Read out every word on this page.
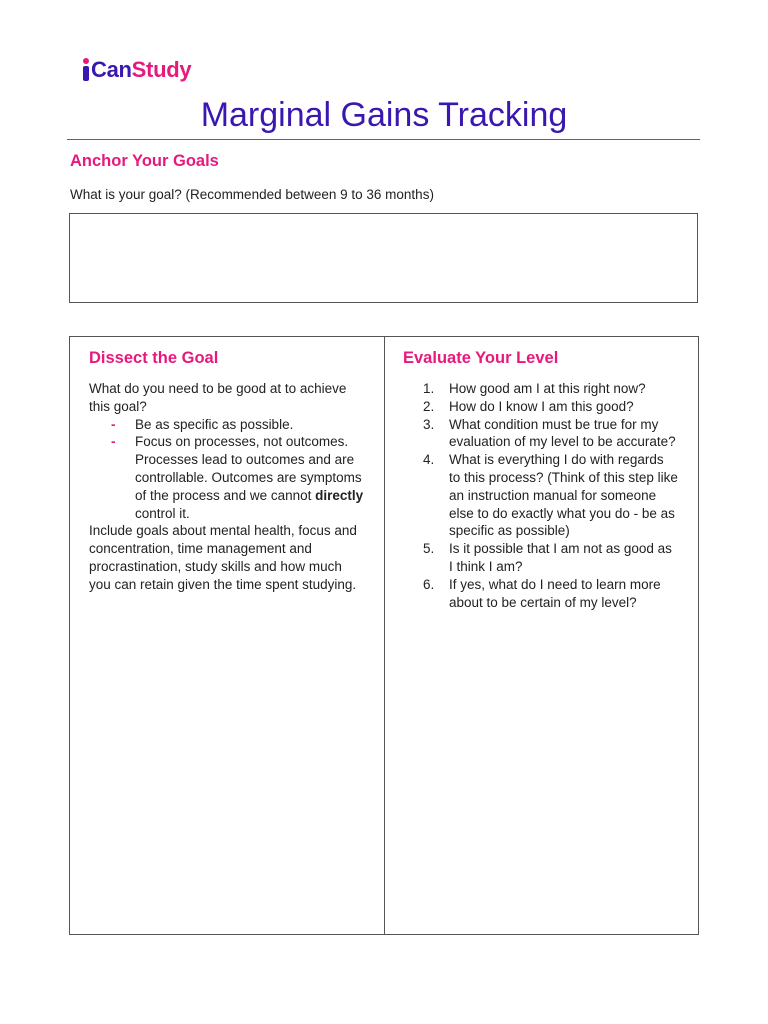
Can Study
Marginal Gains Tracking
Anchor Your Goals
What is your goal? (Recommended between 9 to 36 months)
Dissect the Goal
What do you need to be good at to achieve this goal?
- Be as specific as possible.
- Focus on processes, not outcomes. Processes lead to outcomes and are controllable. Outcomes are symptoms of the process and we cannot directly control it.
Include goals about mental health, focus and concentration, time management and procrastination, study skills and how much you can retain given the time spent studying.
Evaluate Your Level
1. How good am I at this right now?
2. How do I know I am this good?
3. What condition must be true for my evaluation of my level to be accurate?
4. What is everything I do with regards to this process? (Think of this step like an instruction manual for someone else to do exactly what you do - be as specific as possible)
5. Is it possible that I am not as good as I think I am?
6. If yes, what do I need to learn more about to be certain of my level?
